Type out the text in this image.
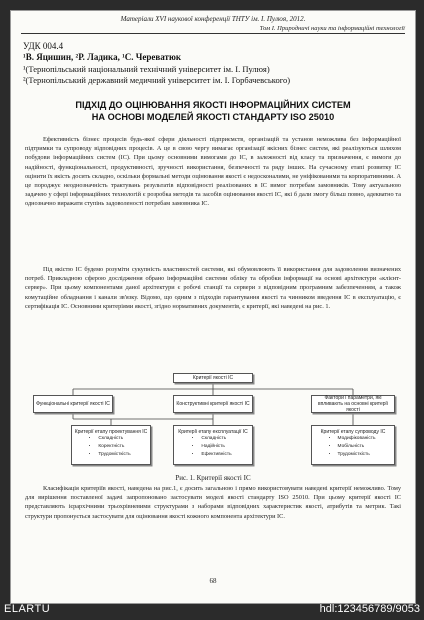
Матеріали XVI наукової конференції ТНТУ ім. І. Пулюя, 2012.
Том І. Природничі науки та інформаційні технології
УДК 004.4
¹В. Яцишин, ²Р. Ладика, ¹С. Череватюк
¹(Тернопільський національний технічний університет ім. І. Пулюя)
²(Тернопільський державний медичний університет ім. І. Горбачевського)
ПІДХІД ДО ОЦІНЮВАННЯ ЯКОСТІ ІНФОРМАЦІЙНИХ СИСТЕМ
НА ОСНОВІ МОДЕЛЕЙ ЯКОСТІ СТАНДАРТУ ISO 25010

Ефективність бізнес процесів будь-якої сфери діяльності підприємств, організацій та установ неможлива без інформаційної підтримки та супроводу відповідних процесів. А це в свою чергу вимагає організації якісних бізнес систем, які реалізуються шляхом побудови інформаційних систем (ІС). При цьому основними вимогами до ІС, в залежності від класу та призначення, є вимоги до надійності, функціональності, продуктивності, зручності використання, безпечності та ряду інших. На сучасному етапі розвитку ІС оцінити їх якість досить складно, оскільки формальні методи оцінювання якості є недосконалими, не уніфікованими та корпоративними. А це породжує неоднозначність трактувань результатів відповідності реалізованих в ІС вимог потребам замовників. Тому актуальною задачею у сфері інформаційних технологій є розробка методів та засобів оцінювання якості ІС, які б дали змогу більш повно, адекватно та однозначно виражати ступінь задоволеності потребам замовника ІС.

Під якістю ІС будемо розуміти сукупність властивостей системи, які обумовлюють її використання для задоволення визначених потреб. Прикладною сферою дослідження обрано інформаційні системи обліку та обробки інформації на основі архітектури «клієнт-сервер». При цьому компонентами даної архітектури є робочі станції та сервери з відповідним програмним забезпеченням, а також комутаційне обладнання і канали зв'язку. Відомо, що одним з підходів гарантування якості та чинником введення ІС в експлуатацію, є сертифікація ІС. Основними критеріями якості, згідно нормативних документів, є критерії, які наведені на рис. 1.

Критерії якості ІС
Функціональні критерії якості ІС	Конструктивні критерії якості ІС
Фактори і параметри, які впливають на основні критерії якості
Критерії етапу проектування ІС
• Складність
• Коректність
• Трудомісткість
Критерії етапу експлуатації ІС
• Складність
• Надійність
• Ефективність
Критерії етапу супроводу ІС
• Модифікованість
• Мобільність
• Трудомісткість
Рис. 1. Критерії якості ІС

Класифікація критеріїв якості, наведена на рис.1, є досить загальною і прямо використовувати наведені критерії неможливо. Тому для вирішення поставленої задачі запропоновано застосувати моделі якості стандарту ISO 25010. При цьому критерії якості ІС представляють ієрархічними трьохрівневими структурами з наборами відповідних характеристик якості, атрибутів та метрик. Такі структури пропонується застосувати для оцінювання якості кожного компонента архітектури ІС.

68
ELARTU	hdl:123456789/9053
